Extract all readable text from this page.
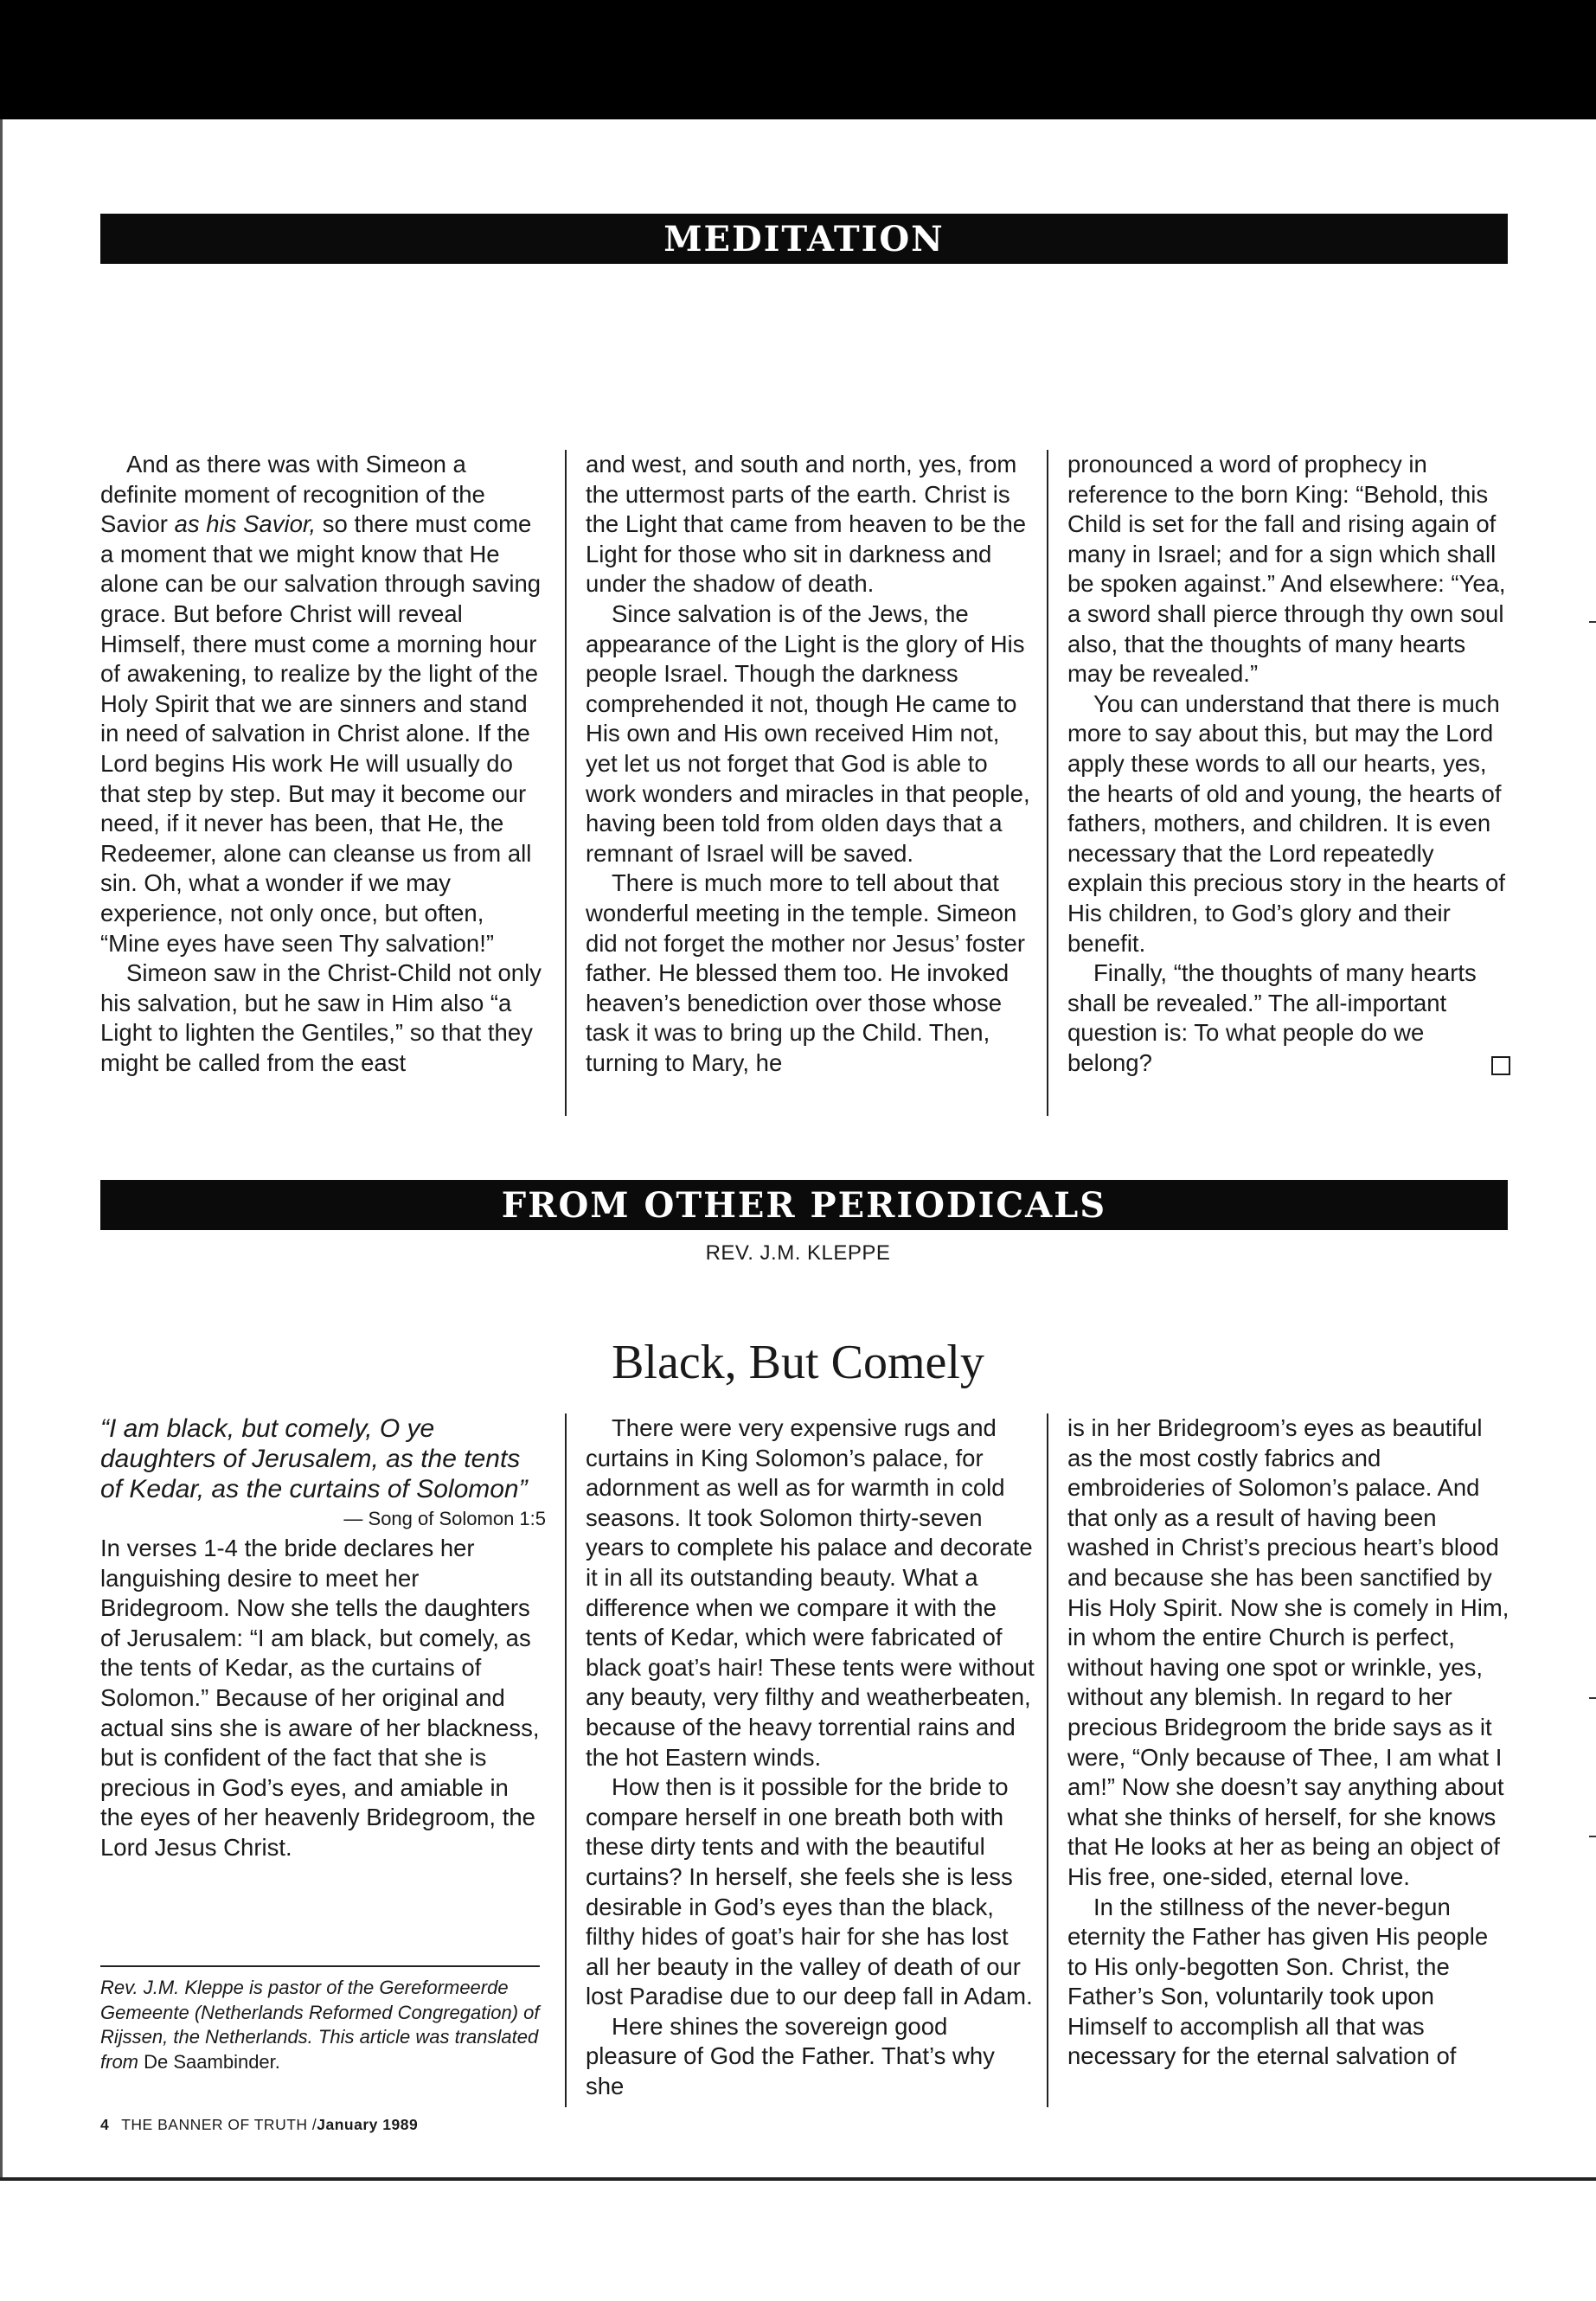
MEDITATION

And as there was with Simeon a definite moment of recognition of the Savior as his Savior, so there must come a moment that we might know that He alone can be our salvation through saving grace. But before Christ will reveal Himself, there must come a morning hour of awakening, to realize by the light of the Holy Spirit that we are sinners and stand in need of salvation in Christ alone. If the Lord begins His work He will usually do that step by step. But may it become our need, if it never has been, that He, the Redeemer, alone can cleanse us from all sin. Oh, what a wonder if we may experience, not only once, but often, “Mine eyes have seen Thy salvation!”

Simeon saw in the Christ-Child not only his salvation, but he saw in Him also “a Light to lighten the Gentiles,” so that they might be called from the east

and west, and south and north, yes, from the uttermost parts of the earth. Christ is the Light that came from heaven to be the Light for those who sit in darkness and under the shadow of death.

Since salvation is of the Jews, the appearance of the Light is the glory of His people Israel. Though the darkness comprehended it not, though He came to His own and His own received Him not, yet let us not forget that God is able to work wonders and miracles in that people, having been told from olden days that a remnant of Israel will be saved.

There is much more to tell about that wonderful meeting in the temple. Simeon did not forget the mother nor Jesus’ foster father. He blessed them too. He invoked heaven’s benediction over those whose task it was to bring up the Child. Then, turning to Mary, he

pronounced a word of prophecy in reference to the born King: “Behold, this Child is set for the fall and rising again of many in Israel; and for a sign which shall be spoken against.” And elsewhere: “Yea, a sword shall pierce through thy own soul also, that the thoughts of many hearts may be revealed.”

You can understand that there is much more to say about this, but may the Lord apply these words to all our hearts, yes, the hearts of old and young, the hearts of fathers, mothers, and children. It is even necessary that the Lord repeatedly explain this precious story in the hearts of His children, to God’s glory and their benefit.

Finally, “the thoughts of many hearts shall be revealed.” The all-important question is: To what people do we belong?

FROM OTHER PERIODICALS
REV. J.M. KLEPPE
Black, But Comely

“I am black, but comely, O ye daughters of Jerusalem, as the tents of Kedar, as the curtains of Solomon”

— Song of Solomon 1:5

In verses 1-4 the bride declares her languishing desire to meet her Bridegroom. Now she tells the daughters of Jerusalem: “I am black, but comely, as the tents of Kedar, as the curtains of Solomon.” Because of her original and actual sins she is aware of her blackness, but is confident of the fact that she is precious in God’s eyes, and amiable in the eyes of her heavenly Bridegroom, the Lord Jesus Christ.

Rev. J.M. Kleppe is pastor of the Gereformeerde Gemeente (Netherlands Reformed Congregation) of Rijssen, the Netherlands. This article was translated from De Saambinder.

There were very expensive rugs and curtains in King Solomon’s palace, for adornment as well as for warmth in cold seasons. It took Solomon thirty-seven years to complete his palace and decorate it in all its outstanding beauty. What a difference when we compare it with the tents of Kedar, which were fabricated of black goat’s hair! These tents were without any beauty, very filthy and weatherbeaten, because of the heavy torrential rains and the hot Eastern winds.

How then is it possible for the bride to compare herself in one breath both with these dirty tents and with the beautiful curtains? In herself, she feels she is less desirable in God’s eyes than the black, filthy hides of goat’s hair for she has lost all her beauty in the valley of death of our lost Paradise due to our deep fall in Adam.

Here shines the sovereign good pleasure of God the Father. That’s why she

is in her Bridegroom’s eyes as beautiful as the most costly fabrics and embroideries of Solomon’s palace. And that only as a result of having been washed in Christ’s precious heart’s blood and because she has been sanctified by His Holy Spirit. Now she is comely in Him, in whom the entire Church is perfect, without having one spot or wrinkle, yes, without any blemish. In regard to her precious Bridegroom the bride says as it were, “Only because of Thee, I am what I am!” Now she doesn’t say anything about what she thinks of herself, for she knows that He looks at her as being an object of His free, one-sided, eternal love.

In the stillness of the never-begun eternity the Father has given His people to His only-begotten Son. Christ, the Father’s Son, voluntarily took upon Himself to accomplish all that was necessary for the eternal salvation of

4 THE BANNER OF TRUTH /January 1989
